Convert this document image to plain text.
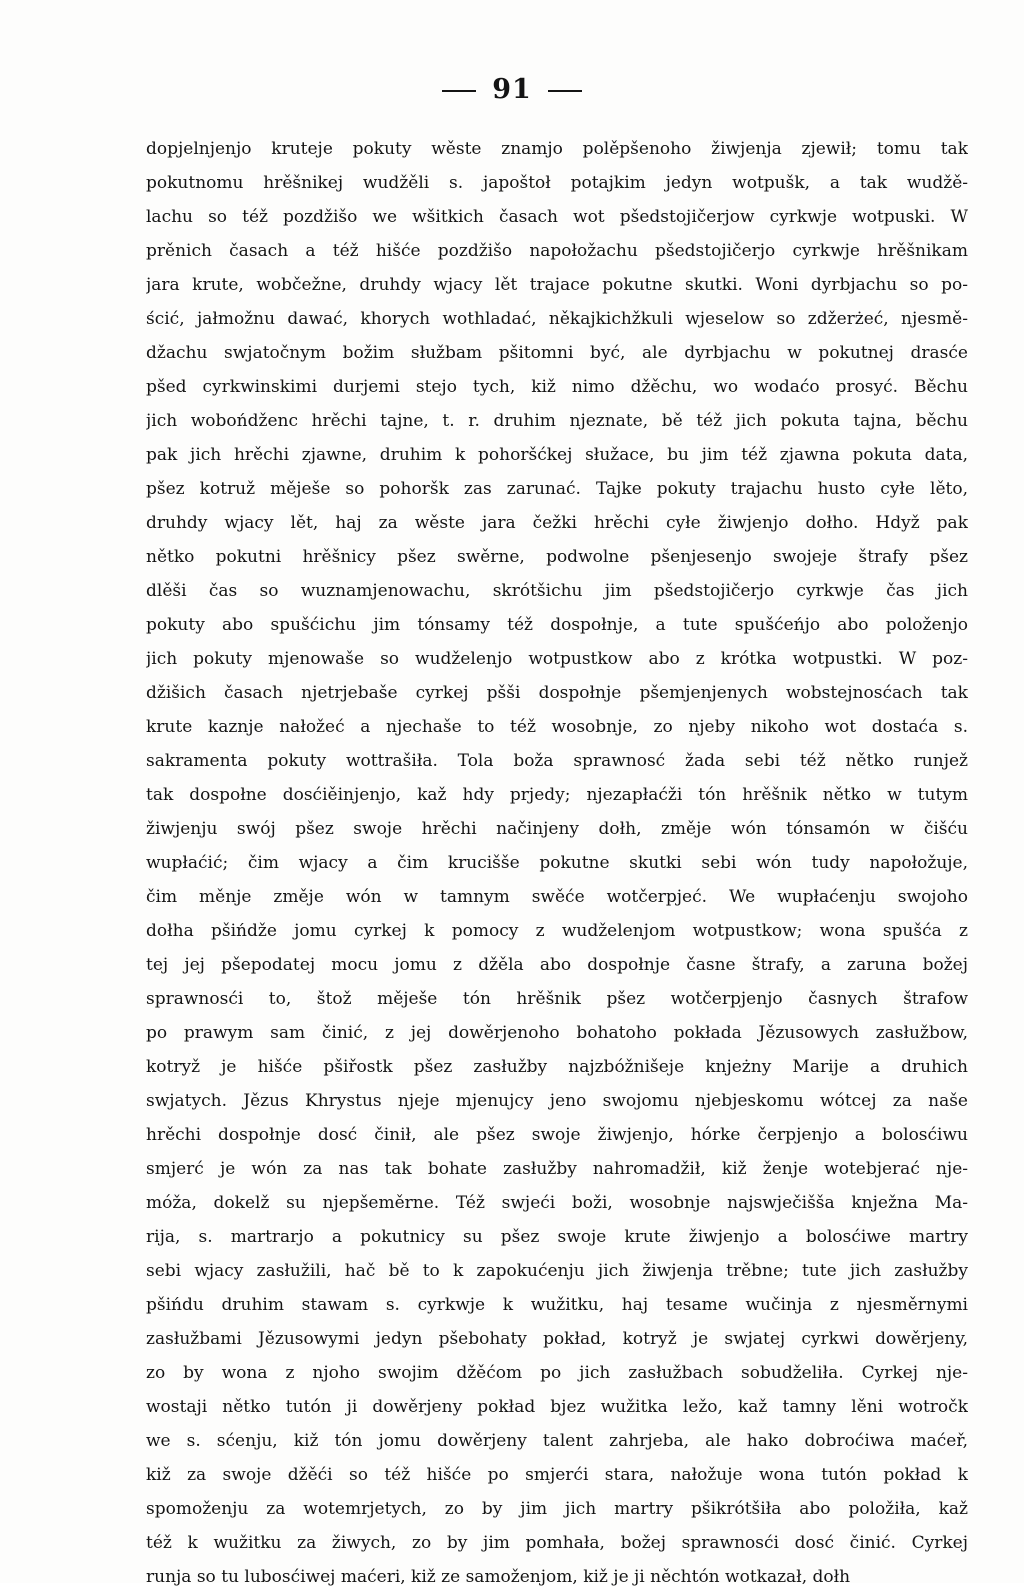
91
dopjelnjenjo kruteje pokuty wěste znamjo polěpšenoho žiwjenja zjewił; tomu tak
pokutnomu hrěšnikej wudžěli s. japoštoł potajkim jedyn wotpušk, a tak wudžě-
lachu so též pozdžišo we wšitkich časach wot pšedstojičerjow cyrkwje wotpuski. W
prěnich časach a též hišće pozdžišo napołožachu pšedstojičerjo cyrkwje hrěšnikam
jara krute, wobčežne, druhdy wjacy lět trajace pokutne skutki. Woni dyrbjachu so po-
ścić, jałmožnu dawać, khorych wothladać, někajkichžkuli wjeselow so zdžerżeć, njesmě-
džachu swjatočnym božim słužbam pšitomni być, ale dyrbjachu w pokutnej drasće
pšed cyrkwinskimi durjemi stejo tych, kiž nimo džěchu, wo wodaćo prosyć. Běchu
jich wobońdženc hrěchi tajne, t. r. druhim njeznate, bě též jich pokuta tajna, běchu
pak jich hrěchi zjawne, druhim k pohoršćkej słužace, bu jim též zjawna pokuta data,
pšez kotruž měješe so pohoršk zas zarunać. Tajke pokuty trajachu husto cyłe lěto,
druhdy wjacy lět, haj za wěste jara čežki hrěchi cyłe žiwjenjo dołho. Hdyž pak
nětko pokutni hrěšnicy pšez swěrne, podwolne pšenjesenjo swojeje štrafy pšez
dlěši čas so wuznamjenowachu, skrótšichu jim pšedstojičerjo cyrkwje čas jich
pokuty abo spušćichu jim tónsamy též dospołnje, a tute spušćeńjo abo položenjo
jich pokuty mjenowaše so wudželenjo wotpustkow abo z krótka wotpustki. W poz-
džišich časach njetrjebaše cyrkej pšši dospołnje pšemjenjenych wobstejnosćach tak
krute kaznje nałožeć a njechaše to též wosobnje, zo njeby nikoho wot dostaća s.
sakramenta pokuty wottrašiła. Tola boža sprawnosć žada sebi též nětko runjež
tak dospołne dosćiěinjenjo, kaž hdy prjedy; njezapłaćži tón hrěšnik nětko w tutym
žiwjenju swój pšez swoje hrěchi načinjeny dołh, změje wón tónsamón w čišću
wupłaćić; čim wjacy a čim krucišše pokutne skutki sebi wón tudy napołožuje,
čim měnje změje wón w tamnym swěće wotčerpjeć. We wupłaćenju swojoho
dołha pšińdže jomu cyrkej k pomocy z wudželenjom wotpustkow; wona spušća z
tej jej pšepodatej mocu jomu z džěla abo dospołnje časne štrafy, a zaruna božej
sprawnosći to, štož měješe tón hrěšnik pšez wotčerpjenjo časnych štrafow
po prawym sam činić, z jej dowěrjenoho bohatoho pokłada Jězusowych zasłužbow,
kotryž je hišće pšiřostk pšez zasłužby najzbóžnišeje knjeżny Marije a druhich
swjatych. Jězus Khrystus njeje mjenujcy jeno swojomu njebjeskomu wótcej za naše
hrěchi dospołnje dosć činił, ale pšez swoje žiwjenjo, hórke čerpjenjo a bolosćiwu
smjerć je wón za nas tak bohate zasłužby nahromadžił, kiž ženje wotebjerać nje-
móža, dokelž su njepšeměrne. Též swjeći boži, wosobnje najswječišša knježna Ma-
rija, s. martrarjo a pokutnicy su pšez swoje krute žiwjenjo a bolosćiwe martry
sebi wjacy zasłužili, hač bě to k zapokućenju jich žiwjenja trěbne; tute jich zasłužby
pšińdu druhim stawam s. cyrkwje k wužitku, haj tesame wučinja z njesměrnymi
zasłužbami Jězusowymi jedyn pšebohaty pokład, kotryž je swjatej cyrkwi dowěrjeny,
zo by wona z njoho swojim džěćom po jich zasłužbach sobudželiła. Cyrkej nje-
wostaji nětko tutón ji dowěrjeny pokład bjez wužitka ležo, kaž tamny lěni wotročk
we s. sćenju, kiž tón jomu dowěrjeny talent zahrjeba, ale hako dobroćiwa maćeř,
kiž za swoje džěći so též hišće po smjerći stara, nałožuje wona tutón pokład k
spomoženju za wotemrjetych, zo by jim jich martry pšikrótšiła abo položiła, kaž
též k wužitku za žiwych, zo by jim pomhała, božej sprawnosći dosć činić. Cyrkej
runja so tu lubosćiwej maćeri, kiž ze samoženjom, kiž je ji něchtón wotkazał, dołh
